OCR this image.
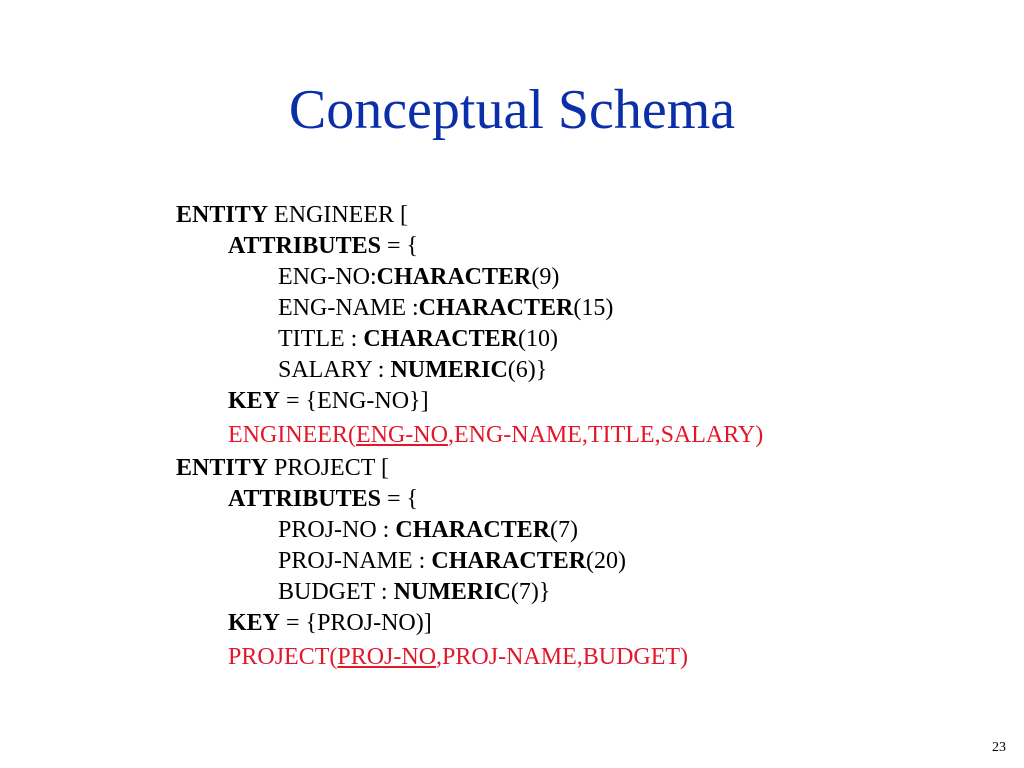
Conceptual Schema
ENTITY ENGINEER [
ATTRIBUTES = {
ENG-NO:CHARACTER(9)
ENG-NAME :CHARACTER(15)
TITLE : CHARACTER(10)
SALARY : NUMERIC(6)}
KEY = {ENG-NO}]
ENGINEER(ENG-NO,ENG-NAME,TITLE,SALARY)
ENTITY PROJECT [
ATTRIBUTES = {
PROJ-NO : CHARACTER(7)
PROJ-NAME : CHARACTER(20)
BUDGET : NUMERIC(7)}
KEY = {PROJ-NO)]
PROJECT(PROJ-NO,PROJ-NAME,BUDGET)
23
